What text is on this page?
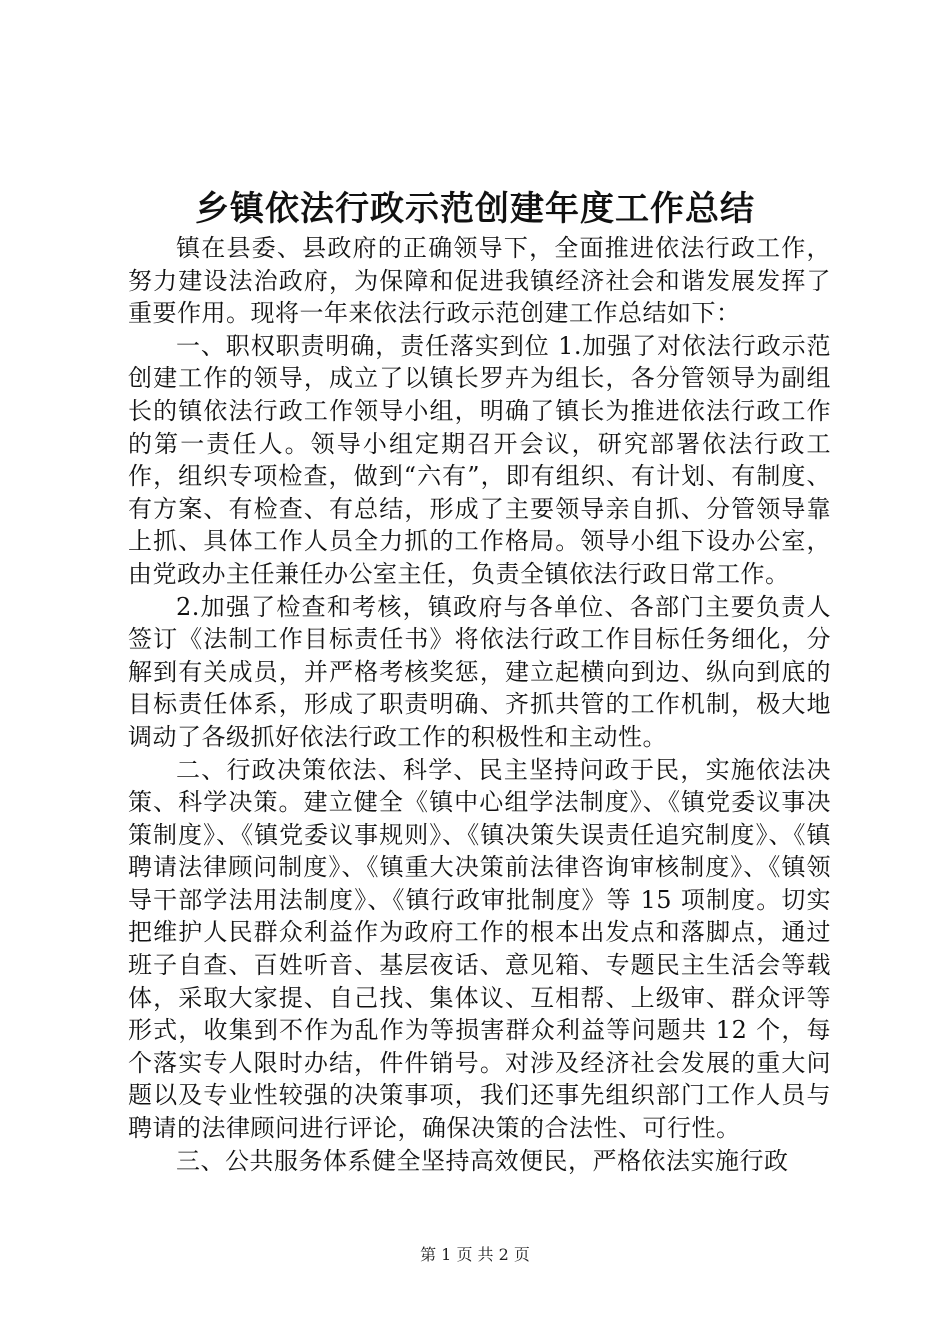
乡镇依法行政示范创建年度工作总结

镇在县委、县政府的正确领导下，全面推进依法行政工作，努力建设法治政府，为保障和促进我镇经济社会和谐发展发挥了重要作用。现将一年来依法行政示范创建工作总结如下：

一、职权职责明确，责任落实到位 1.加强了对依法行政示范创建工作的领导，成立了以镇长罗卉为组长，各分管领导为副组长的镇依法行政工作领导小组，明确了镇长为推进依法行政工作的第一责任人。领导小组定期召开会议，研究部署依法行政工作，组织专项检查，做到“六有”，即有组织、有计划、有制度、有方案、有检查、有总结，形成了主要领导亲自抓、分管领导靠上抓、具体工作人员全力抓的工作格局。领导小组下设办公室，由党政办主任兼任办公室主任，负责全镇依法行政日常工作。

2.加强了检查和考核，镇政府与各单位、各部门主要负责人签订《法制工作目标责任书》将依法行政工作目标任务细化，分解到有关成员，并严格考核奖惩，建立起横向到边、纵向到底的目标责任体系，形成了职责明确、齐抓共管的工作机制，极大地调动了各级抓好依法行政工作的积极性和主动性。

二、行政决策依法、科学、民主坚持问政于民，实施依法决策、科学决策。建立健全《镇中心组学法制度》、《镇党委议事决策制度》、《镇党委议事规则》、《镇决策失误责任追究制度》、《镇聘请法律顾问制度》、《镇重大决策前法律咨询审核制度》、《镇领导干部学法用法制度》、《镇行政审批制度》等 15 项制度。切实把维护人民群众利益作为政府工作的根本出发点和落脚点，通过班子自查、百姓听音、基层夜话、意见箱、专题民主生活会等载体，采取大家提、自己找、集体议、互相帮、上级审、群众评等形式，收集到不作为乱作为等损害群众利益等问题共 12 个，每个落实专人限时办结，件件销号。对涉及经济社会发展的重大问题以及专业性较强的决策事项，我们还事先组织部门工作人员与聘请的法律顾问进行评论，确保决策的合法性、可行性。

三、公共服务体系健全坚持高效便民，严格依法实施行政

第 1 页 共 2 页
